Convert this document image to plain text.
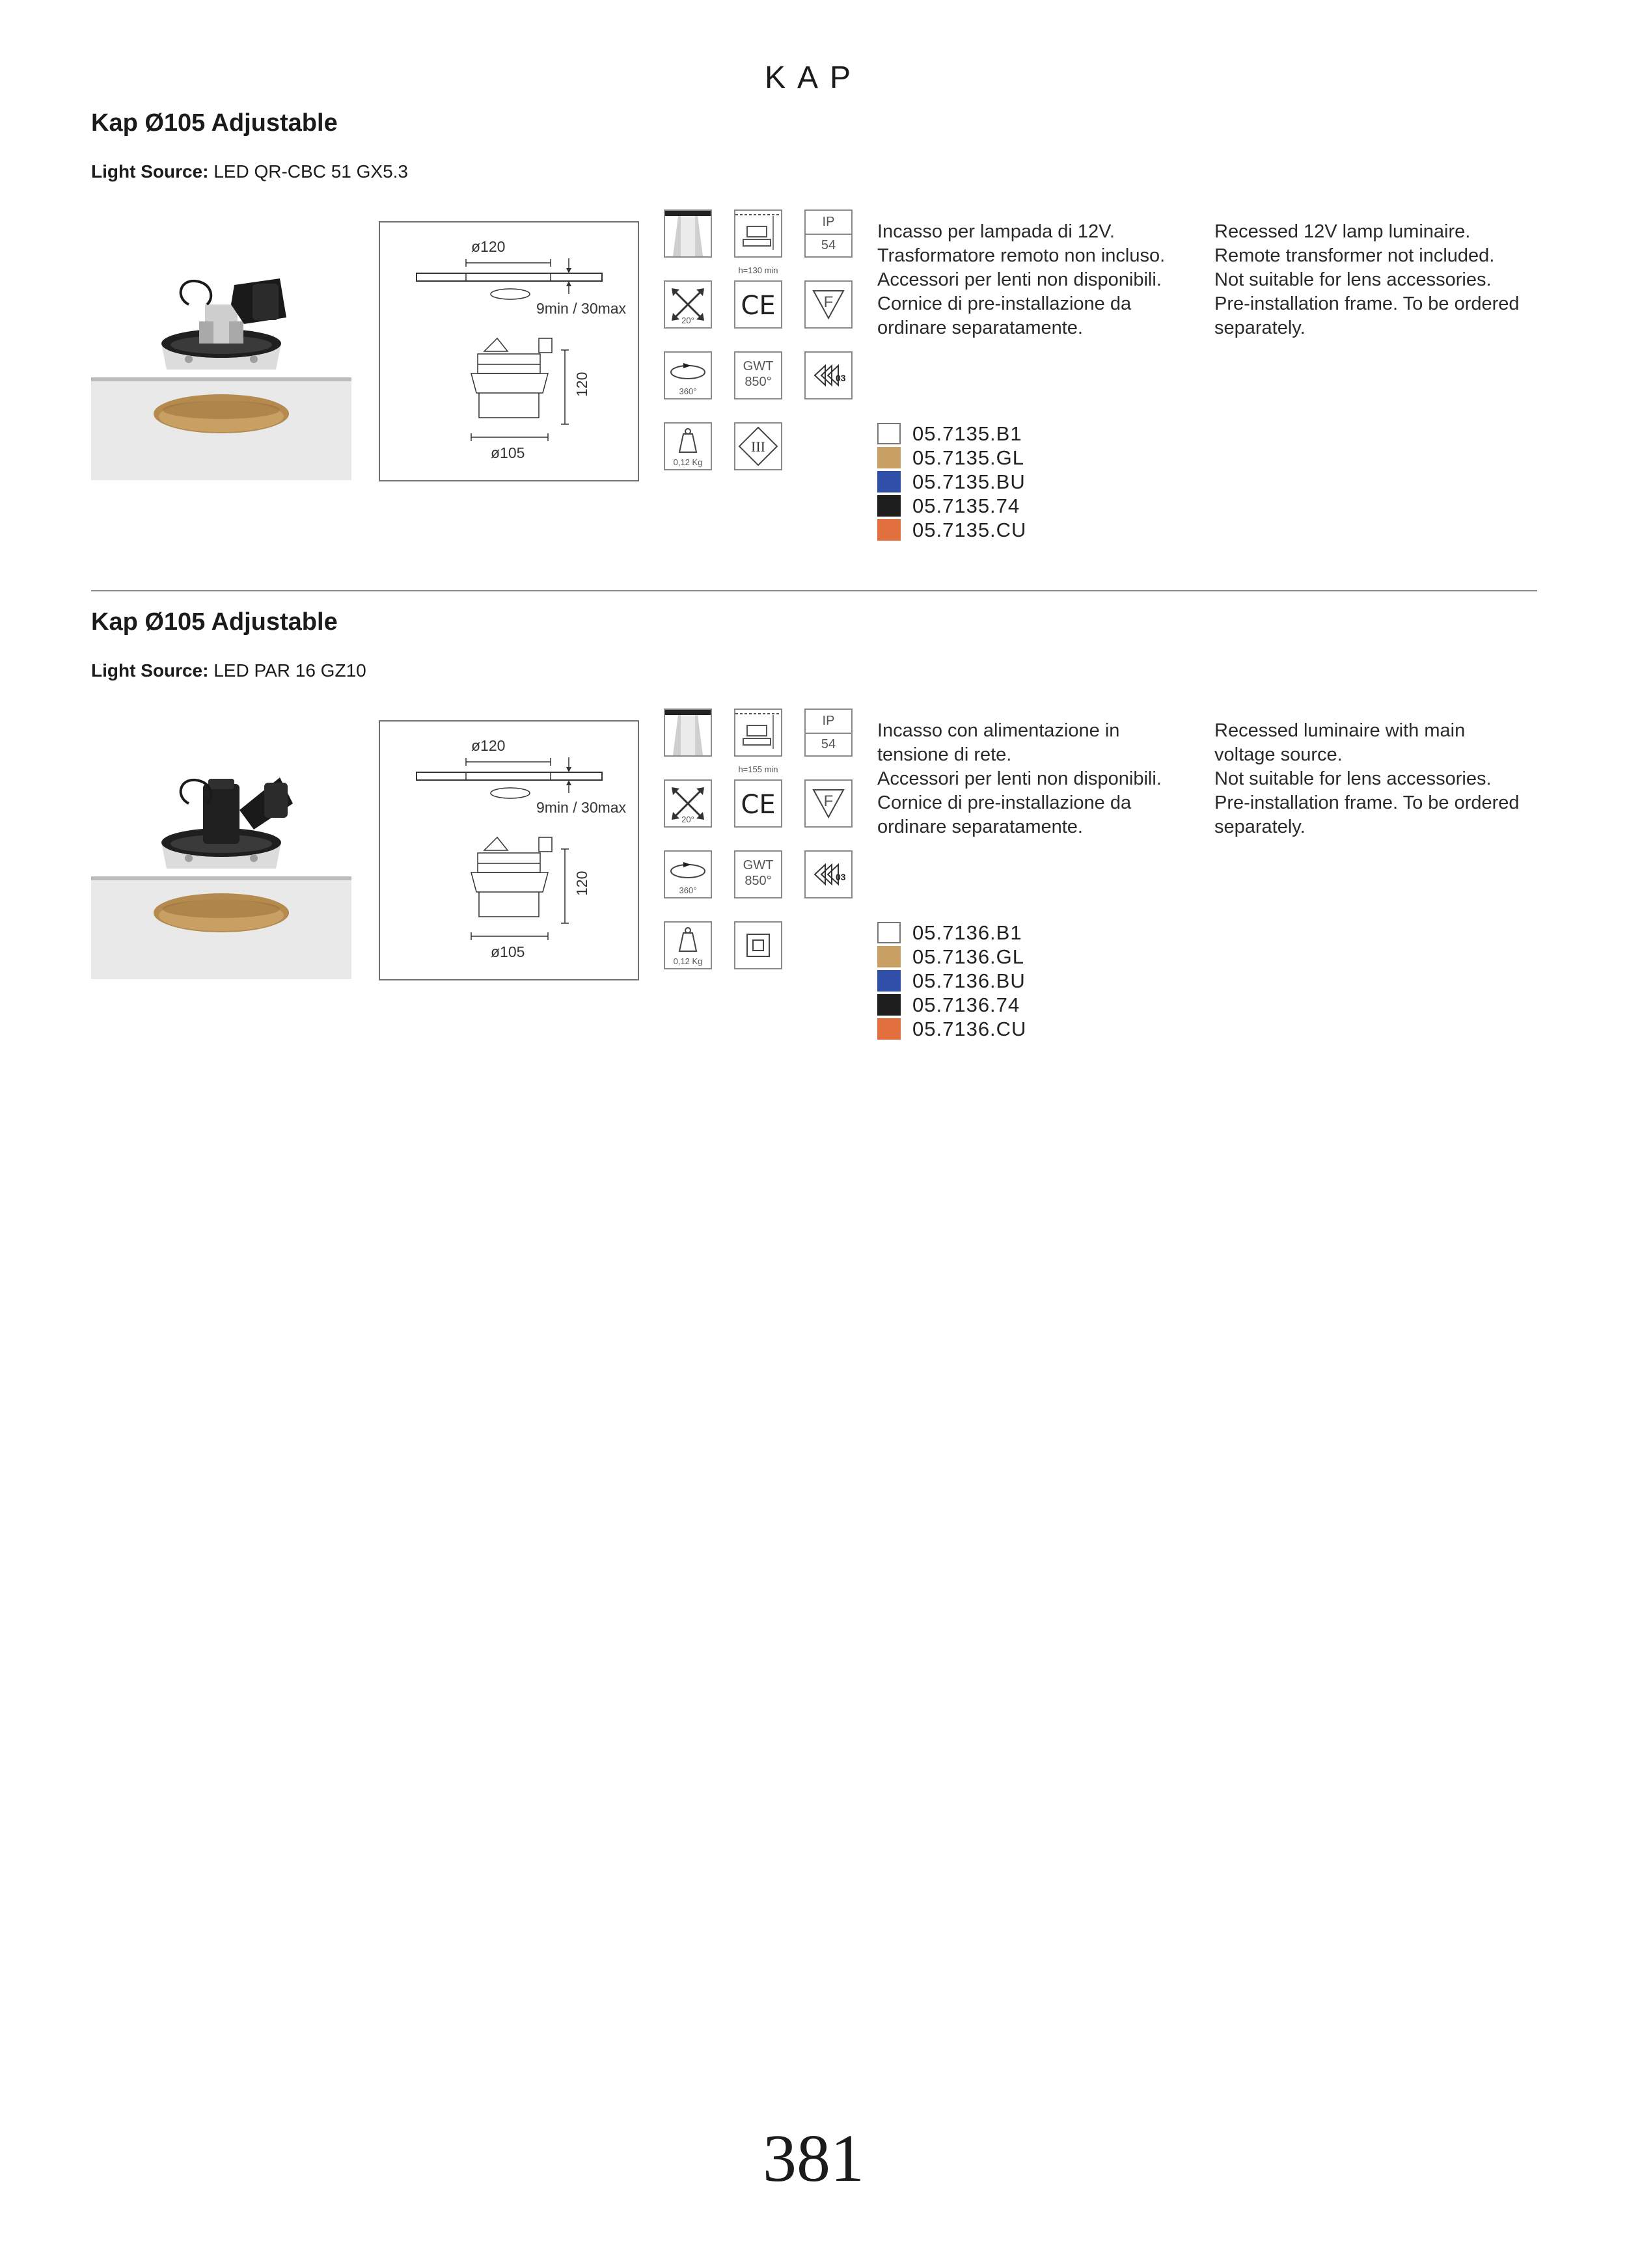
KAP
Kap Ø105 Adjustable
Light Source: LED QR-CBC 51 GX5.3
ø120
9min / 30max
120
ø105
h=130 min
IP
54
20°	CE	F
360°
GWT
850°	03
0,12 Kg
III
Incasso per lampada di 12V.
Trasformatore remoto non incluso.
Accessori per lenti non disponibili.
Cornice di pre-installazione da
ordinare separatamente.
Recessed 12V lamp luminaire.
Remote transformer not included.
Not suitable for lens accessories.
Pre-installation frame. To be ordered
separately.
05.7135.B1
05.7135.GL
05.7135.BU
05.7135.74
05.7135.CU
Kap Ø105 Adjustable
Light Source: LED PAR 16 GZ10
ø120
9min / 30max
120
ø105
h=155 min
IP
54
20°	CE	F
360°
GWT
850°	03
0,12 Kg
Incasso con alimentazione in
tensione di rete.
Accessori per lenti non disponibili.
Cornice di pre-installazione da
ordinare separatamente.
Recessed luminaire with main
voltage source.
Not suitable for lens accessories.
Pre-installation frame. To be ordered
separately.
05.7136.B1
05.7136.GL
05.7136.BU
05.7136.74
05.7136.CU
381
